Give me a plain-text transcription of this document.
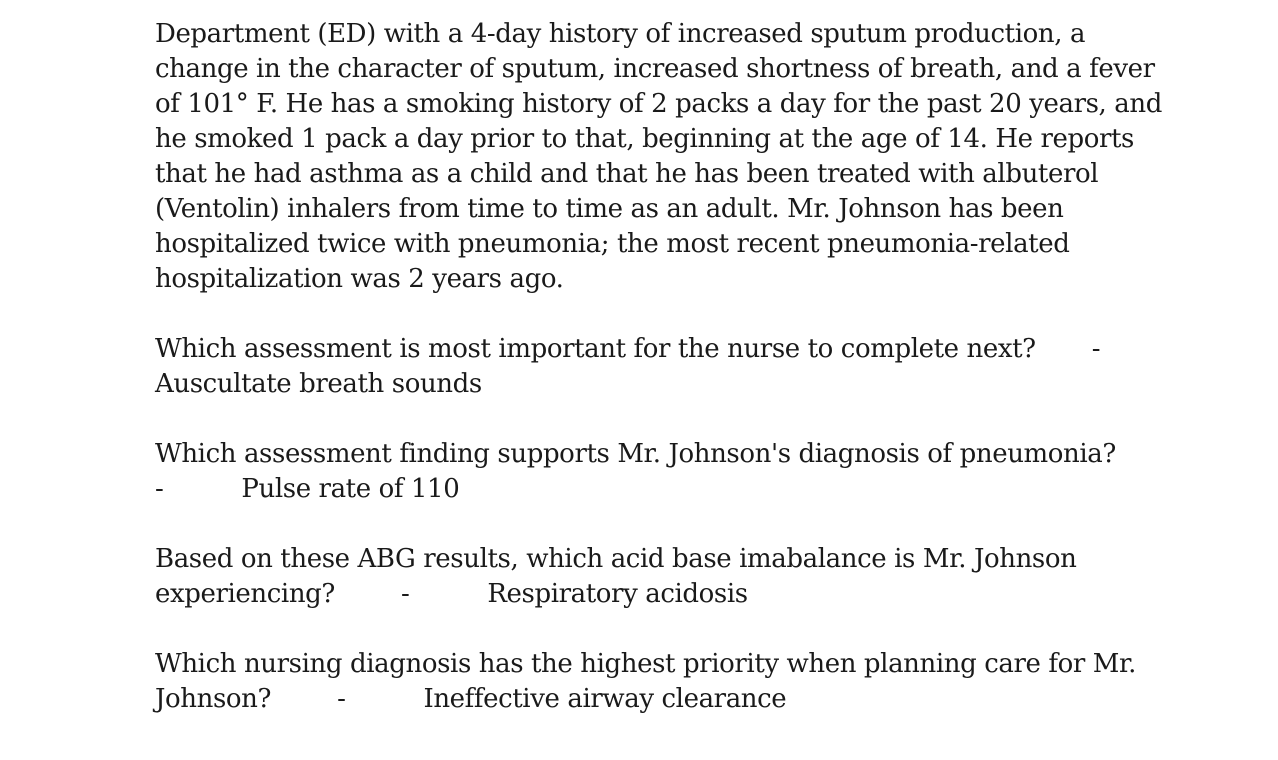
Department (ED) with a 4-day history of increased sputum production, a
change in the character of sputum, increased shortness of breath, and a fever
of 101° F. He has a smoking history of 2 packs a day for the past 20 years, and
he smoked 1 pack a day prior to that, beginning at the age of 14. He reports
that he had asthma as a child and that he has been treated with albuterol
(Ventolin) inhalers from time to time as an adult. Mr. Johnson has been
hospitalized twice with pneumonia; the most recent pneumonia-related
hospitalization was 2 years ago.
Which assessment is most important for the nurse to complete next? -
Auscultate breath sounds
Which assessment finding supports Mr. Johnson's diagnosis of pneumonia?
-	Pulse rate of 110
Based on these ABG results, which acid base imabalance is Mr. Johnson
experiencing?	-	Respiratory acidosis
Which nursing diagnosis has the highest priority when planning care for Mr.
Johnson?	-	Ineffective airway clearance
